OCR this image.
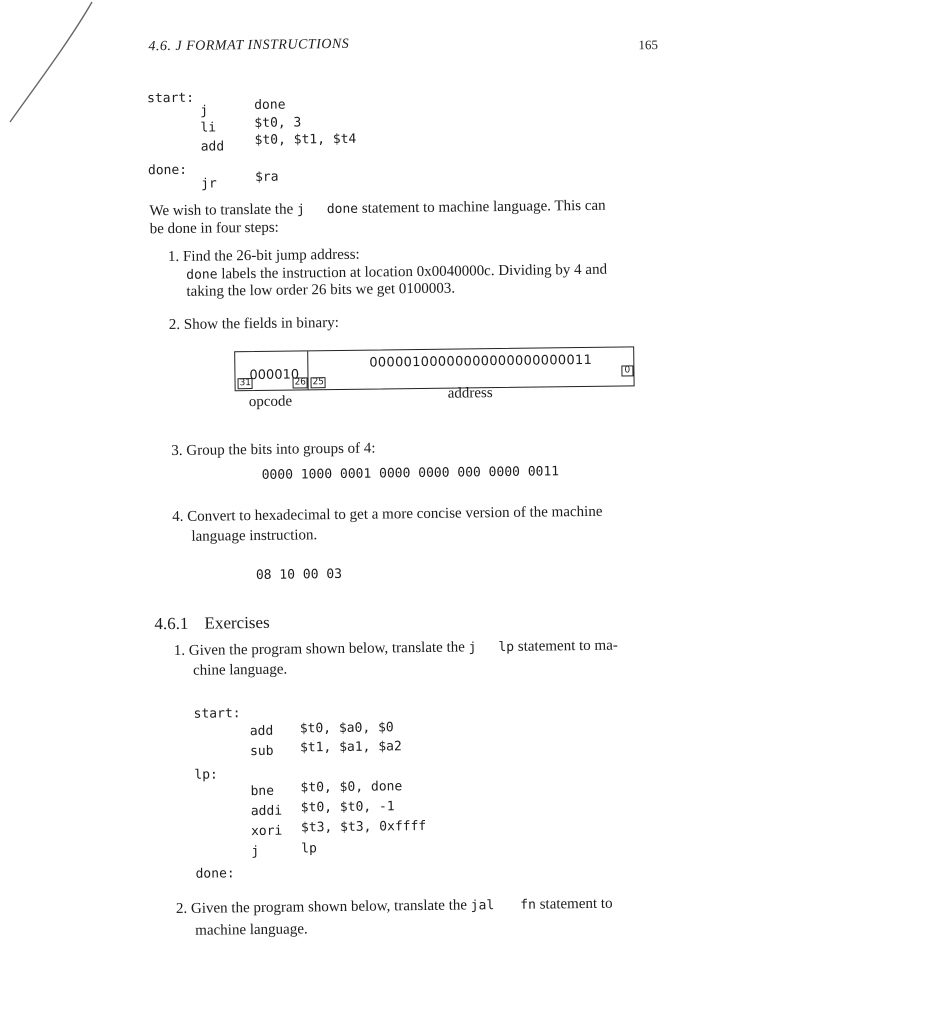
4.6. J FORMAT INSTRUCTIONS	165
start:
j	done
li	$t0, 3
add $t0, $t1, $t4
done:
jr	$ra
We wish to translate the j done statement to machine language. This can
be done in four steps:
1. Find the 26-bit jump address:
done labels the instruction at location 0x0040000c. Dividing by 4 and
taking the low order 26 bits we get 0100003.
2. Show the fields in binary:
000010
00000100000000000000000011
31	26 25
0
opcode
address
3. Group the bits into groups of 4:
0000 1000 0001 0000 0000 000 0000 0011
4. Convert to hexadecimal to get a more concise version of the machine
language instruction.
08 10 00 03
4.6.1 Exercises
1. Given the program shown below, translate the j lp statement to ma-
chine language.
start:
add $t0, $a0, $0
sub $t1, $a1, $a2
lp:
bne $t0, $0, done
addi $t0, $t0, -1
xori $t3, $t3, 0xffff
j	lp
done:
2. Given the program shown below, translate the jal fn statement to
machine language.
